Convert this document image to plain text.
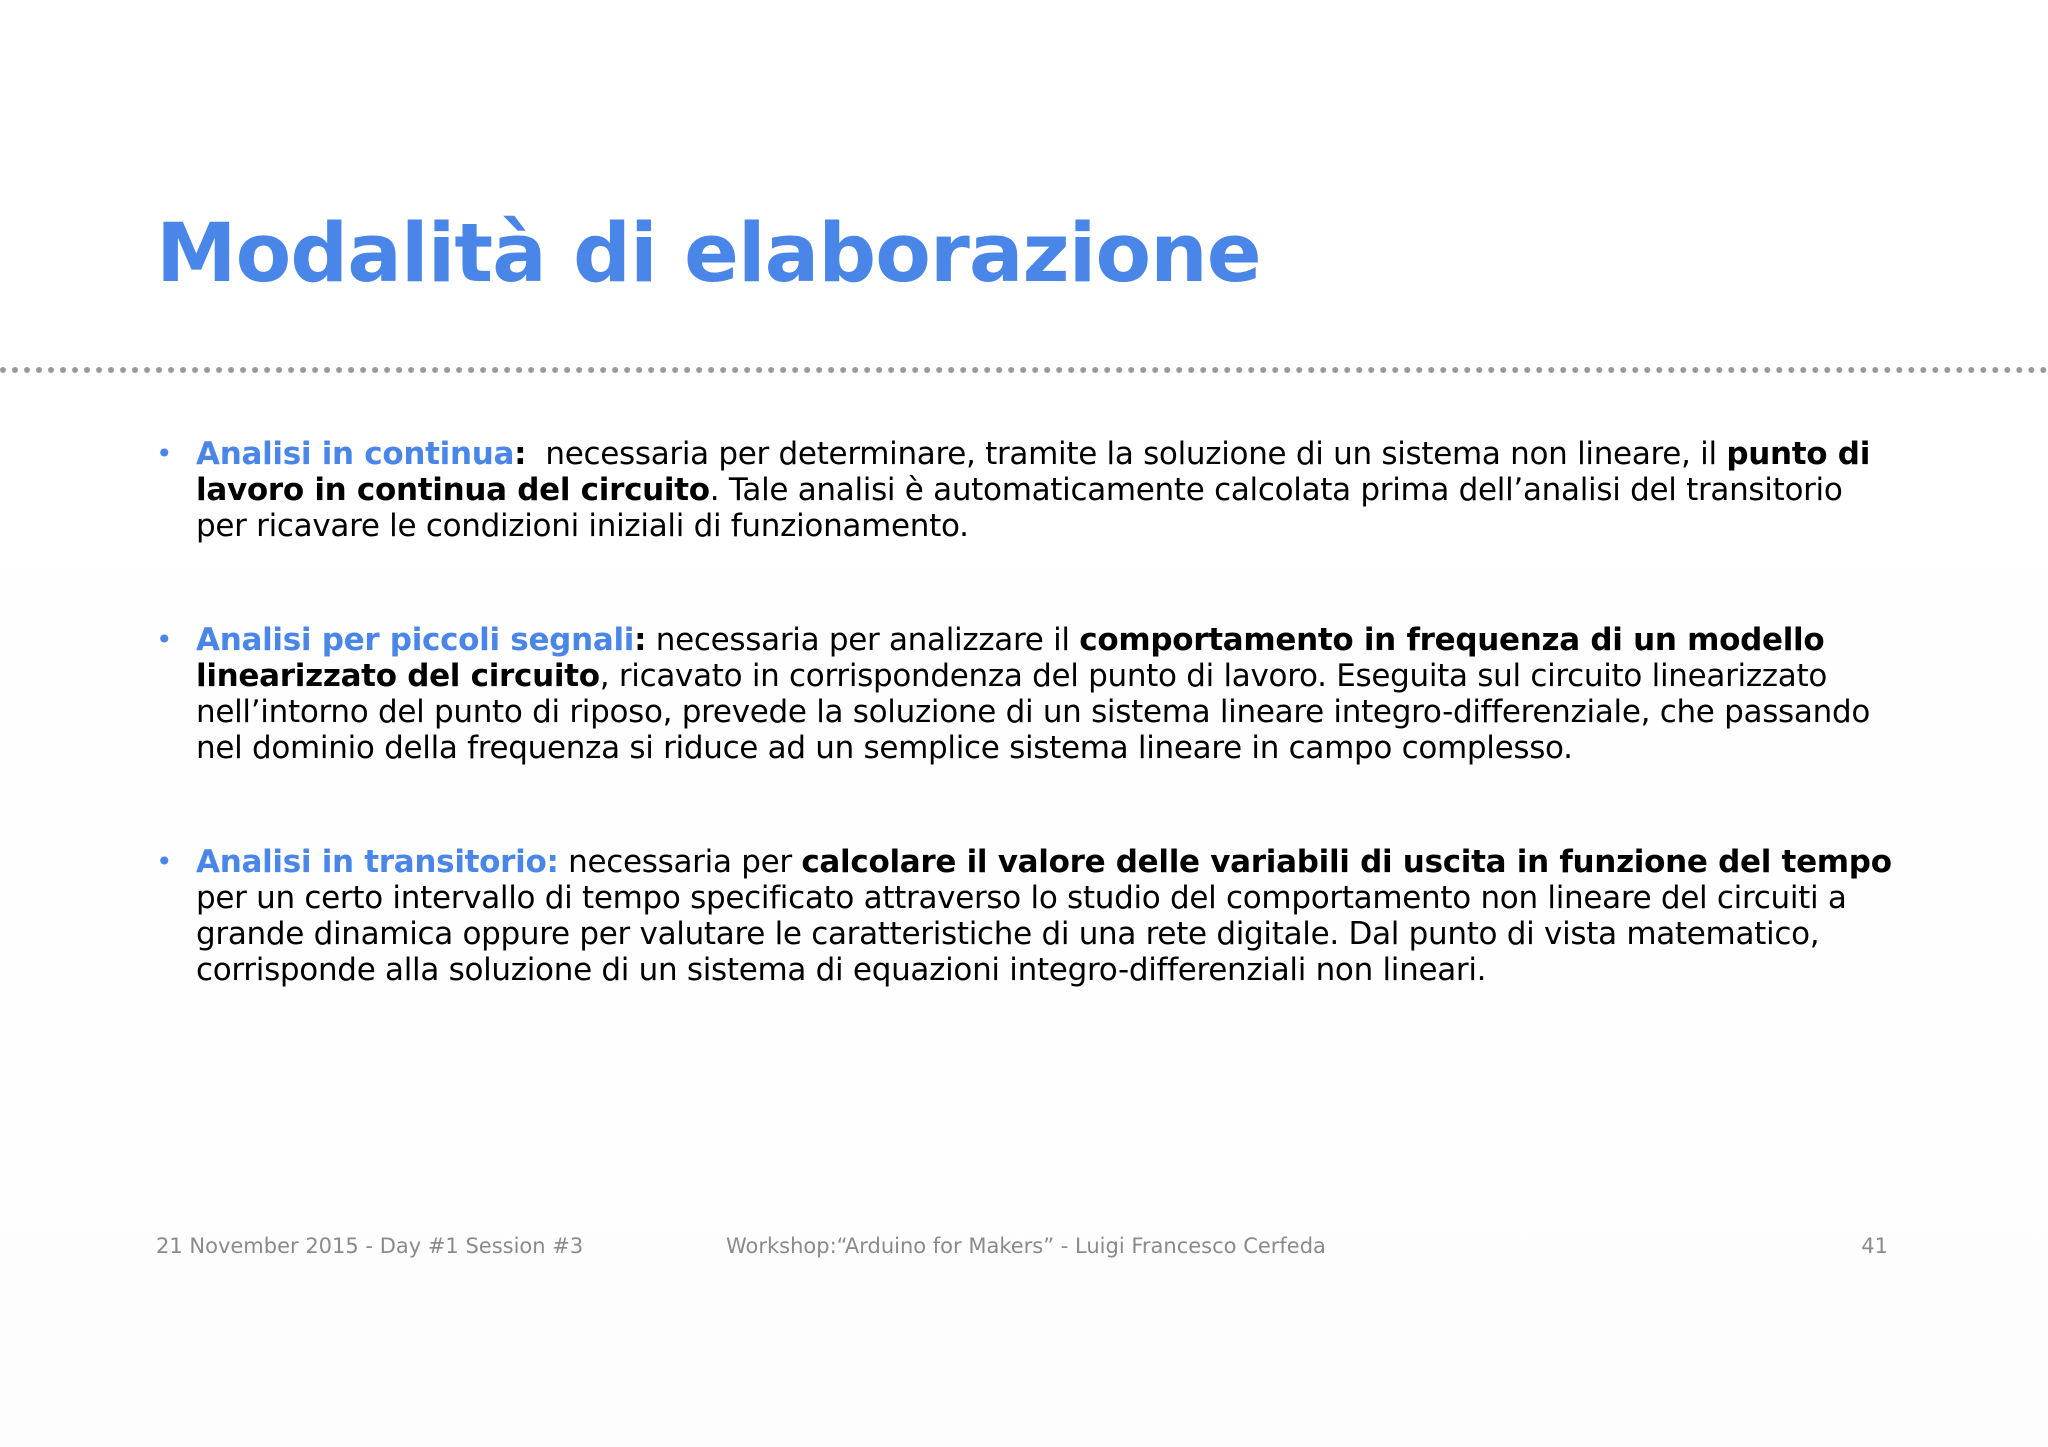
Modalità di elaborazione
• Analisi in continua:  necessaria per determinare, tramite la soluzione di un sistema non lineare, il punto di lavoro in continua del circuito. Tale analisi è automaticamente calcolata prima dell’analisi del transitorio per ricavare le condizioni iniziali di funzionamento.
• Analisi per piccoli segnali: necessaria per analizzare il comportamento in frequenza di un modello linearizzato del circuito, ricavato in corrispondenza del punto di lavoro. Eseguita sul circuito linearizzato nell’intorno del punto di riposo, prevede la soluzione di un sistema lineare integro-differenziale, che passando nel dominio della frequenza si riduce ad un semplice sistema lineare in campo complesso.
• Analisi in transitorio: necessaria per calcolare il valore delle variabili di uscita in funzione del tempo per un certo intervallo di tempo specificato attraverso lo studio del comportamento non lineare del circuiti a grande dinamica oppure per valutare le caratteristiche di una rete digitale. Dal punto di vista matematico, corrisponde alla soluzione di un sistema di equazioni integro-differenziali non lineari.
21 November 2015 - Day #1 Session #3	Workshop:“Arduino for Makers” - Luigi Francesco Cerfeda	41
